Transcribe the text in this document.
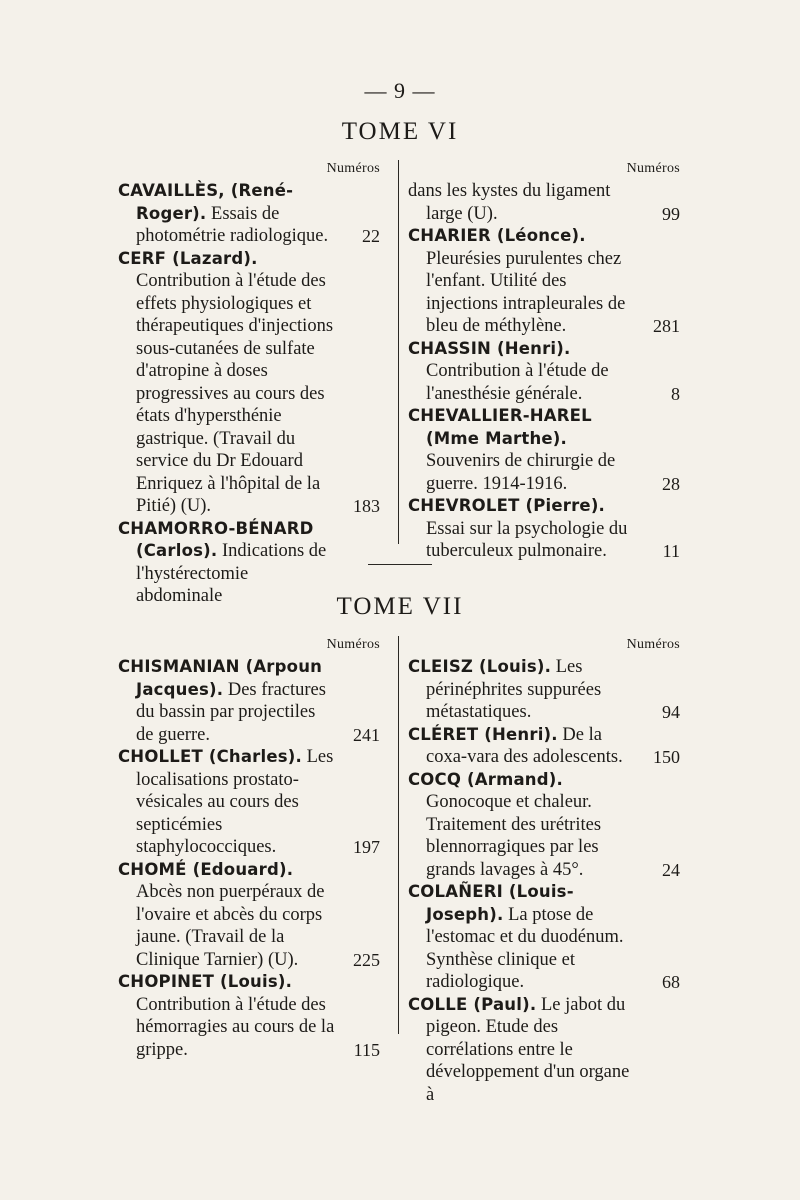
— 9 —
TOME VI
Numéros
CAVAILLÈS, (René-Roger). Essais de photométrie radiologique. 22
CERF (Lazard). Contribution à l'étude des effets physiologiques et thérapeutiques d'injections sous-cutanées de sulfate d'atropine à doses progressives au cours des états d'hypersthénie gastrique. (Travail du service du Dr Edouard Enriquez à l'hôpital de la Pitié) (U).	183
CHAMORRO-BÉNARD (Carlos). Indications de l'hystérectomie abdominale
Numéros
dans les kystes du ligament large (U).	99
CHARIER (Léonce). Pleurésies purulentes chez l'enfant. Utilité des injections intrapleurales de bleu de méthylène.	281
CHASSIN (Henri). Contribution à l'étude de l'anesthésie générale.	8
CHEVALLIER-HAREL (Mme Marthe). Souvenirs de chirurgie de guerre. 1914-1916.	28
CHEVROLET (Pierre). Essai sur la psychologie du tuberculeux pulmonaire.	11
TOME VII
Numéros
CHISMANIAN (Arpoun Jacques). Des fractures du bassin par projectiles de guerre.	241
CHOLLET (Charles). Les localisations prostato-vésicales au cours des septicémies staphylococciques.	197
CHOMÉ (Edouard). Abcès non puerpéraux de l'ovaire et abcès du corps jaune. (Travail de la Clinique Tarnier) (U).	225
CHOPINET (Louis). Contribution à l'étude des hémorragies au cours de la grippe.	115
Numéros
CLEISZ (Louis). Les périnéphrites suppurées métastatiques.	94
CLÉRET (Henri). De la coxa-vara des adolescents. 150
COCQ (Armand). Gonocoque et chaleur. Traitement des urétrites blennorragiques par les grands lavages à 45°.	24
COLAÑERI (Louis-Joseph). La ptose de l'estomac et du duodénum. Synthèse clinique et radiologique.	68
COLLE (Paul). Le jabot du pigeon. Etude des corrélations entre le développement d'un organe à
